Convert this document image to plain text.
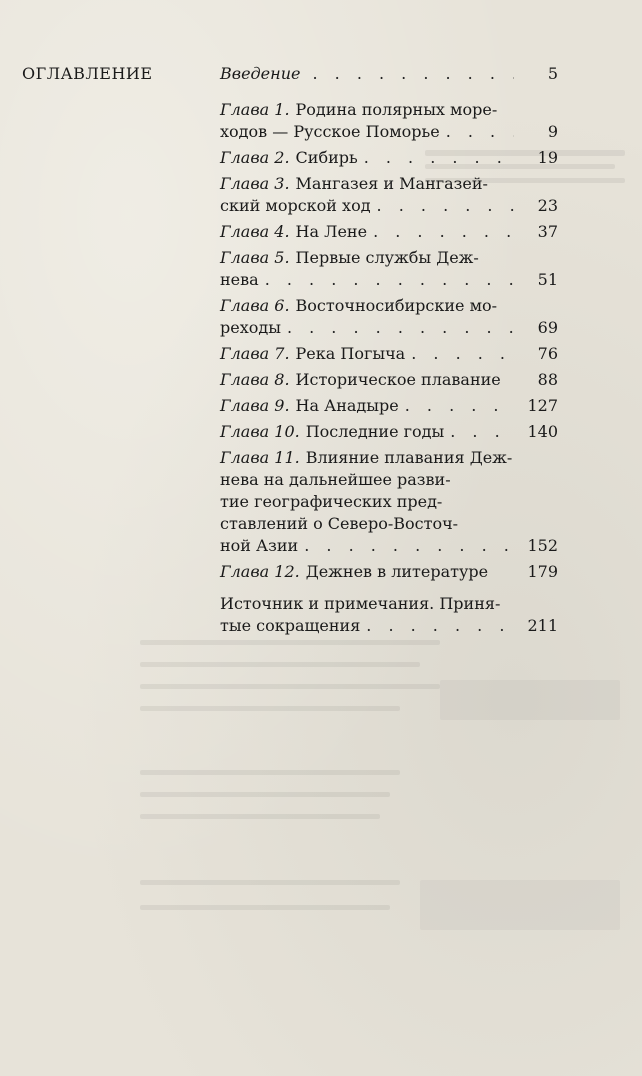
ОГЛАВЛЕНИЕ	Введение . . .	5
Глава 1. Родина полярных море-
ходов — Русское Поморье . . .	9
Глава 2. Сибирь . . .	19
Глава 3. Мангазея и Мангазей-
ский морской ход . . .	23
Глава 4. На Лене . . .	37
Глава 5. Первые службы Деж-
нева . . .	51
Глава 6. Восточносибирские мо-
реходы . . .	69
Глава 7. Река Погыча . . .	76
Глава 8. Историческое плавание	88
Глава 9. На Анадыре . . .	127
Глава 10. Последние годы . . .	140
Глава 11. Влияние плавания Деж-
нева на дальнейшее разви-
тие географических пред-
ставлений о Северо-Восточ-
ной Азии . . .	152
Глава 12. Дежнев в литературе	179
Источник и примечания. Приня-
тые сокращения . . .	211
